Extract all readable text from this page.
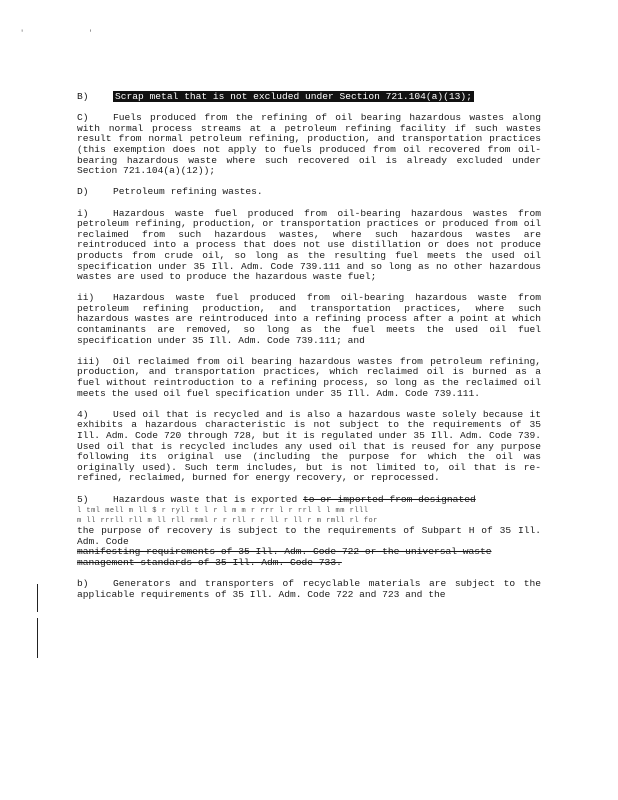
' '

B)	Scrap metal that is not excluded under Section 721.104(a)(13);

C)	Fuels produced from the refining of oil bearing hazardous wastes along with normal process streams at a petroleum refining facility if such wastes result from normal petroleum refining, production, and transportation practices (this exemption does not apply to fuels produced from oil recovered from oil-bearing hazardous waste where such recovered oil is already excluded under Section 721.104(a)(12));

D)	Petroleum refining wastes.

i)	Hazardous waste fuel produced from oil-bearing hazardous wastes from petroleum refining, production, or transportation practices or produced from oil reclaimed from such hazardous wastes, where such hazardous wastes are reintroduced into a process that does not use distillation or does not produce products from crude oil, so long as the resulting fuel meets the used oil specification under 35 Ill. Adm. Code 739.111 and so long as no other hazardous wastes are used to produce the hazardous waste fuel;

ii) Hazardous waste fuel produced from oil-bearing hazardous waste from petroleum refining production, and transportation practices, where such hazardous wastes are reintroduced into a refining process after a point at which contaminants are removed, so long as the fuel meets the used oil fuel specification under 35 Ill. Adm. Code 739.111; and

iii) Oil reclaimed from oil bearing hazardous wastes from petroleum refining, production, and transportation practices, which reclaimed oil is burned as a fuel without reintroduction to a refining process, so long as the reclaimed oil meets the used oil fuel specification under 35 Ill. Adm. Code 739.111.

4)	Used oil that is recycled and is also a hazardous waste solely because it exhibits a hazardous characteristic is not subject to the requirements of 35 Ill. Adm. Code 720 through 728, but it is regulated under 35 Ill. Adm. Code 739. Used oil that is recycled includes any used oil that is reused for any purpose following its original use (including the purpose for which the oil was originally used). Such term includes, but is not limited to, oil that is re-refined, reclaimed, burned for energy recovery, or reprocessed.

5)	Hazardous waste that is exported to or imported from designated
l tml mell m ll $ r ryll t l r l m m r rrr l r rrl l l mm rlll
m ll rrrll rll m ll rll rmml r r rll r r ll r ll r m rmll rl for
the purpose of recovery is subject to the requirements of Subpart H of 35 Ill. Adm. Code
manifesting requirements of 35 Ill. Adm. Code 722 or the universal waste
management standards of 35 Ill. Adm. Code 733.

b)	Generators and transporters of recyclable materials are subject to the applicable requirements of 35 Ill. Adm. Code 722 and 723 and the
